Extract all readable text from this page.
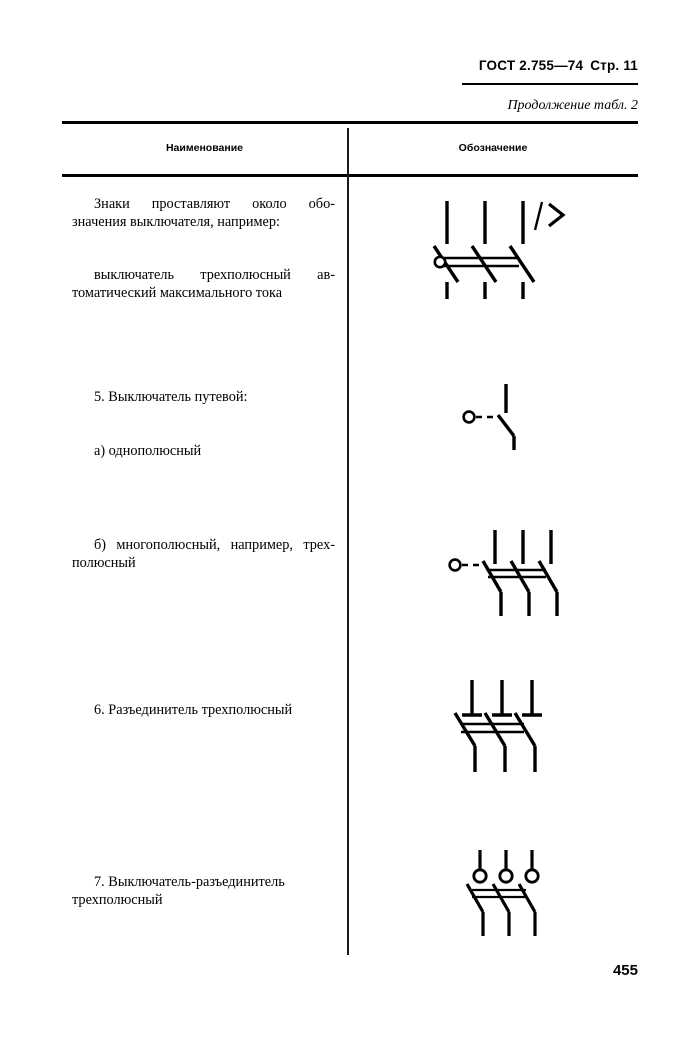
ГОСТ 2.755—74 Стр. 11
Продолжение табл. 2
Наименование	Обозначение

Знаки проставляют около обо-

значения выключателя, например:

выключатель трехполюсный ав-

томатический максимального тока

5. Выключатель путевой:

а) однополюсный

б) многополюсный, например, трех-

полюсный

6. Разъединитель трехполюсный

7. Выключатель-разъединитель

трехполюсный

455
